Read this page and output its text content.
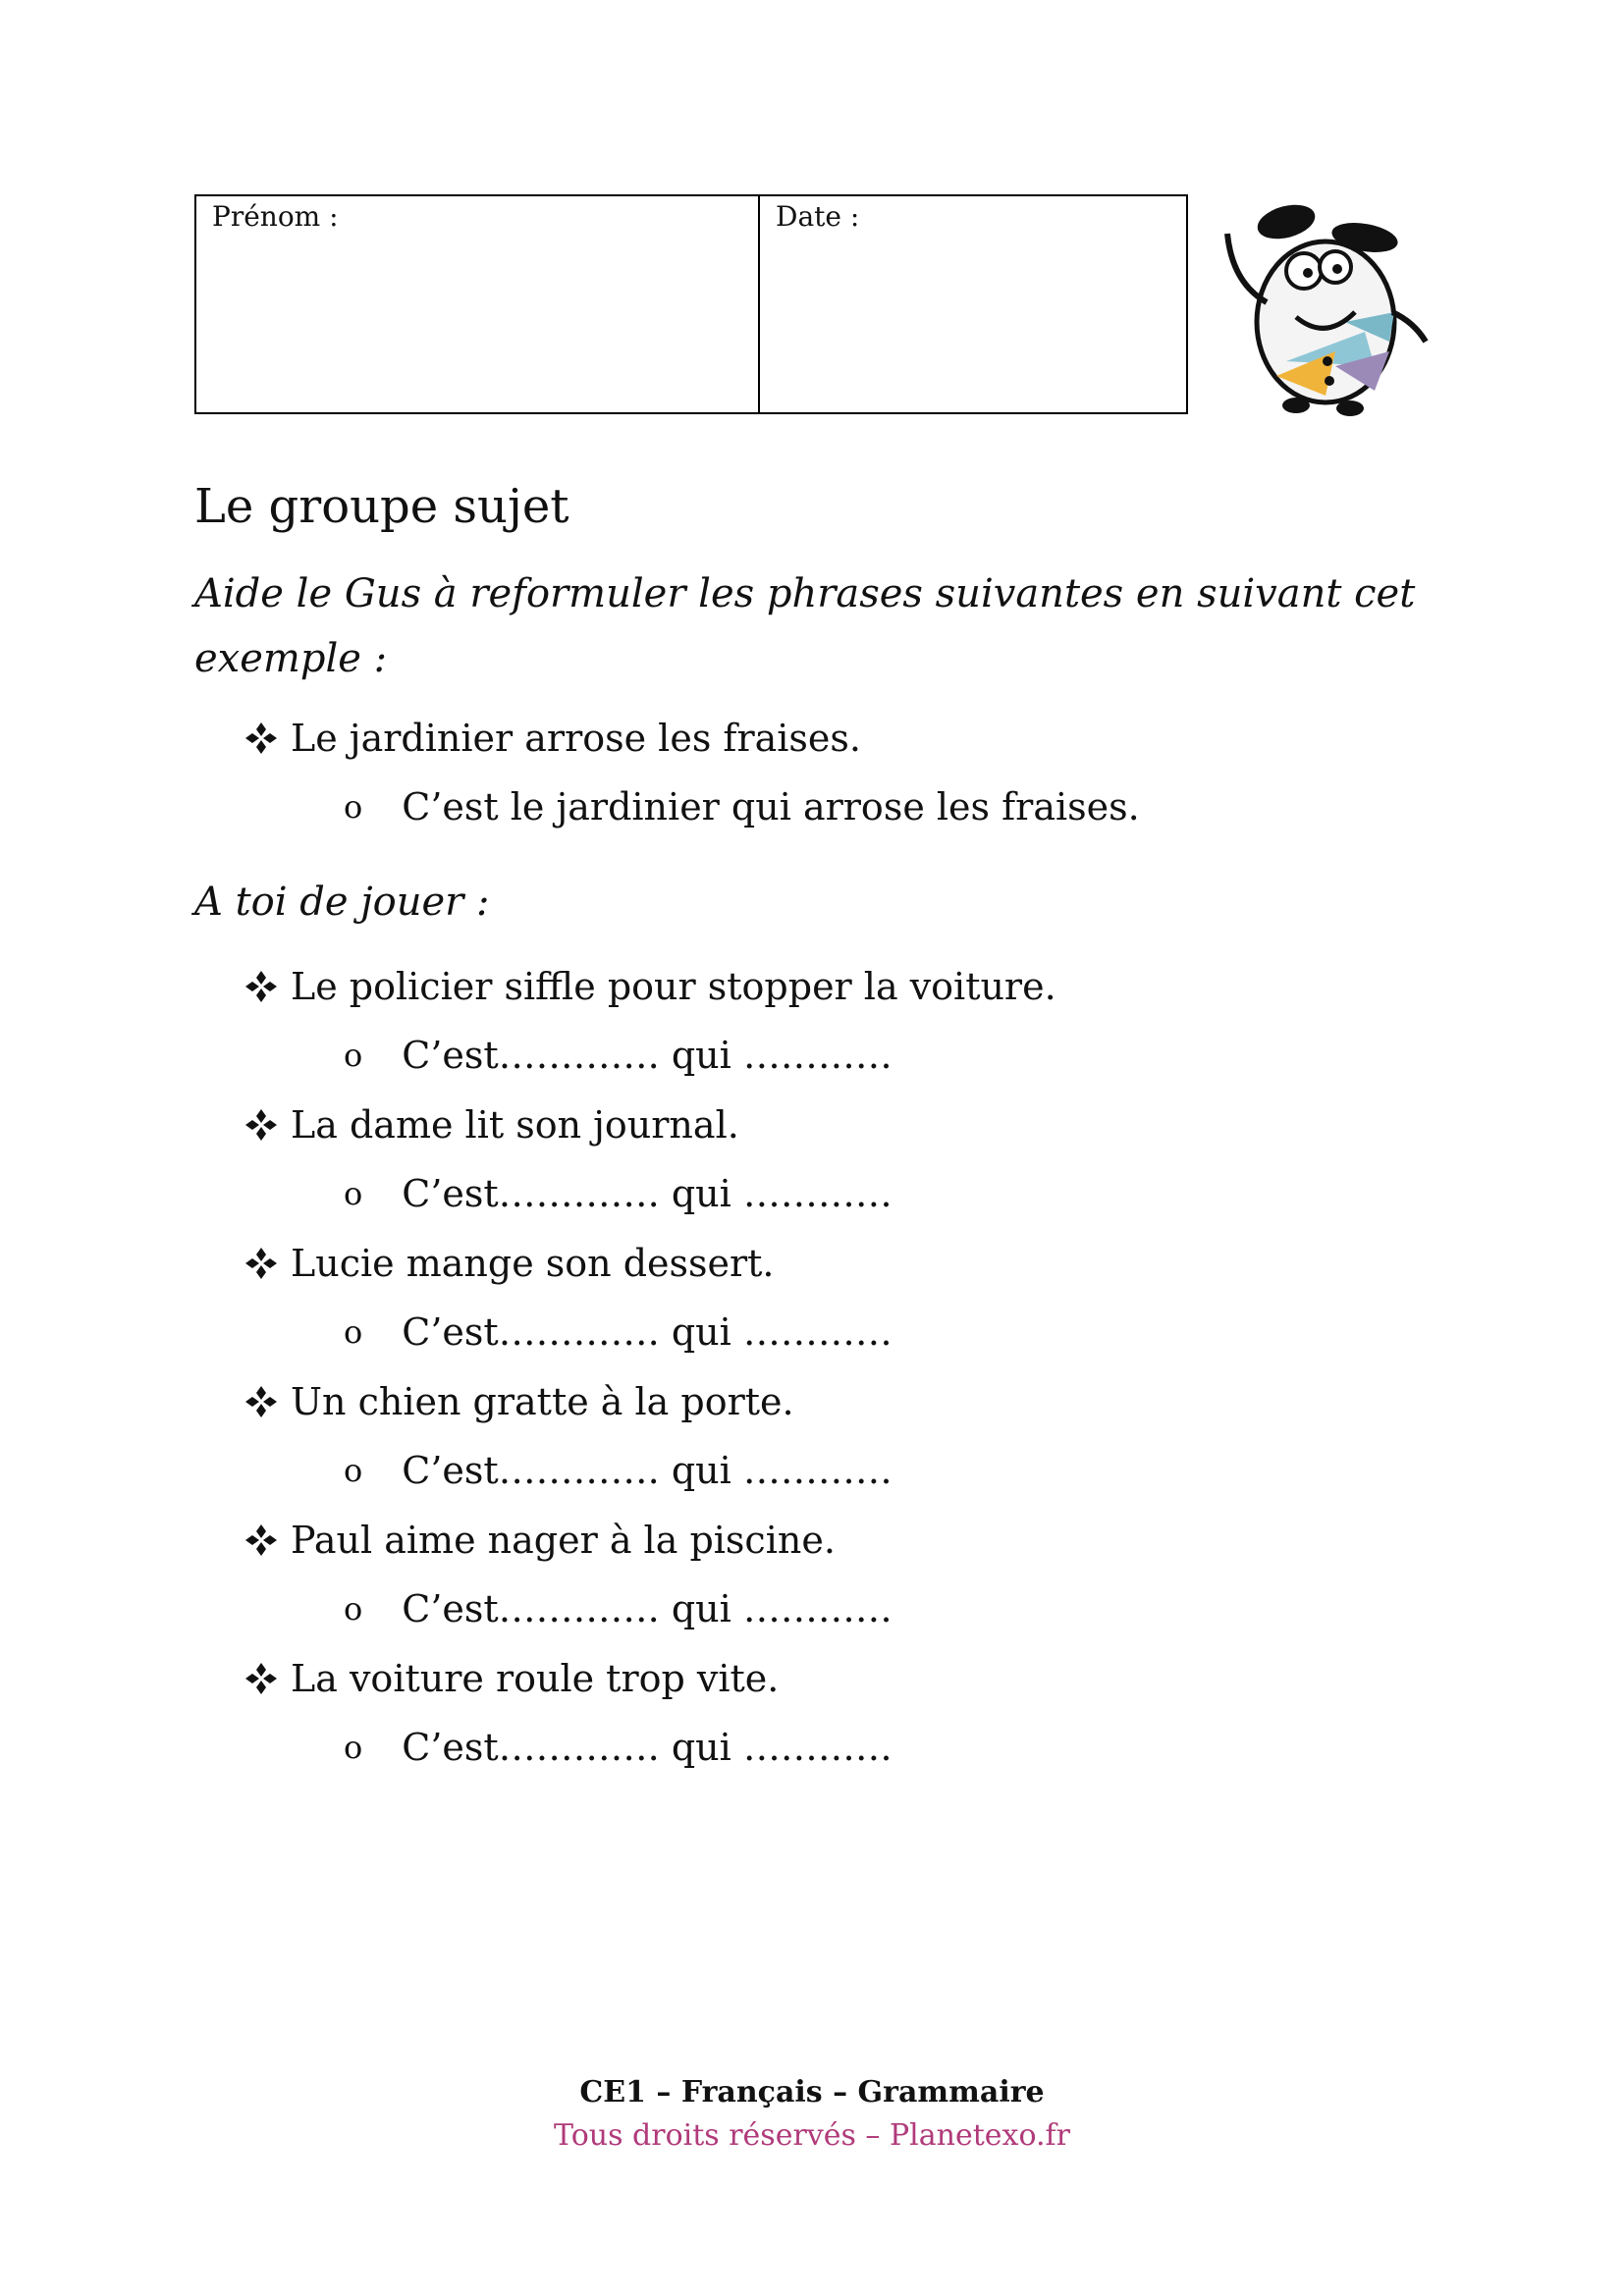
Prénom :	Date :
Le groupe sujet

Aide le Gus à reformuler les phrases suivantes en suivant cet exemple :

Le jardinier arrose les fraises.
o C’est le jardinier qui arrose les fraises.

A toi de jouer :

Le policier siffle pour stopper la voiture.
o C’est…………. qui …………
La dame lit son journal.
o C’est…………. qui …………
Lucie mange son dessert.
o C’est…………. qui …………
Un chien gratte à la porte.
o C’est…………. qui …………
Paul aime nager à la piscine.
o C’est…………. qui …………
La voiture roule trop vite.
o C’est…………. qui …………
CE1 – Français – Grammaire
Tous droits réservés – Planetexo.fr
